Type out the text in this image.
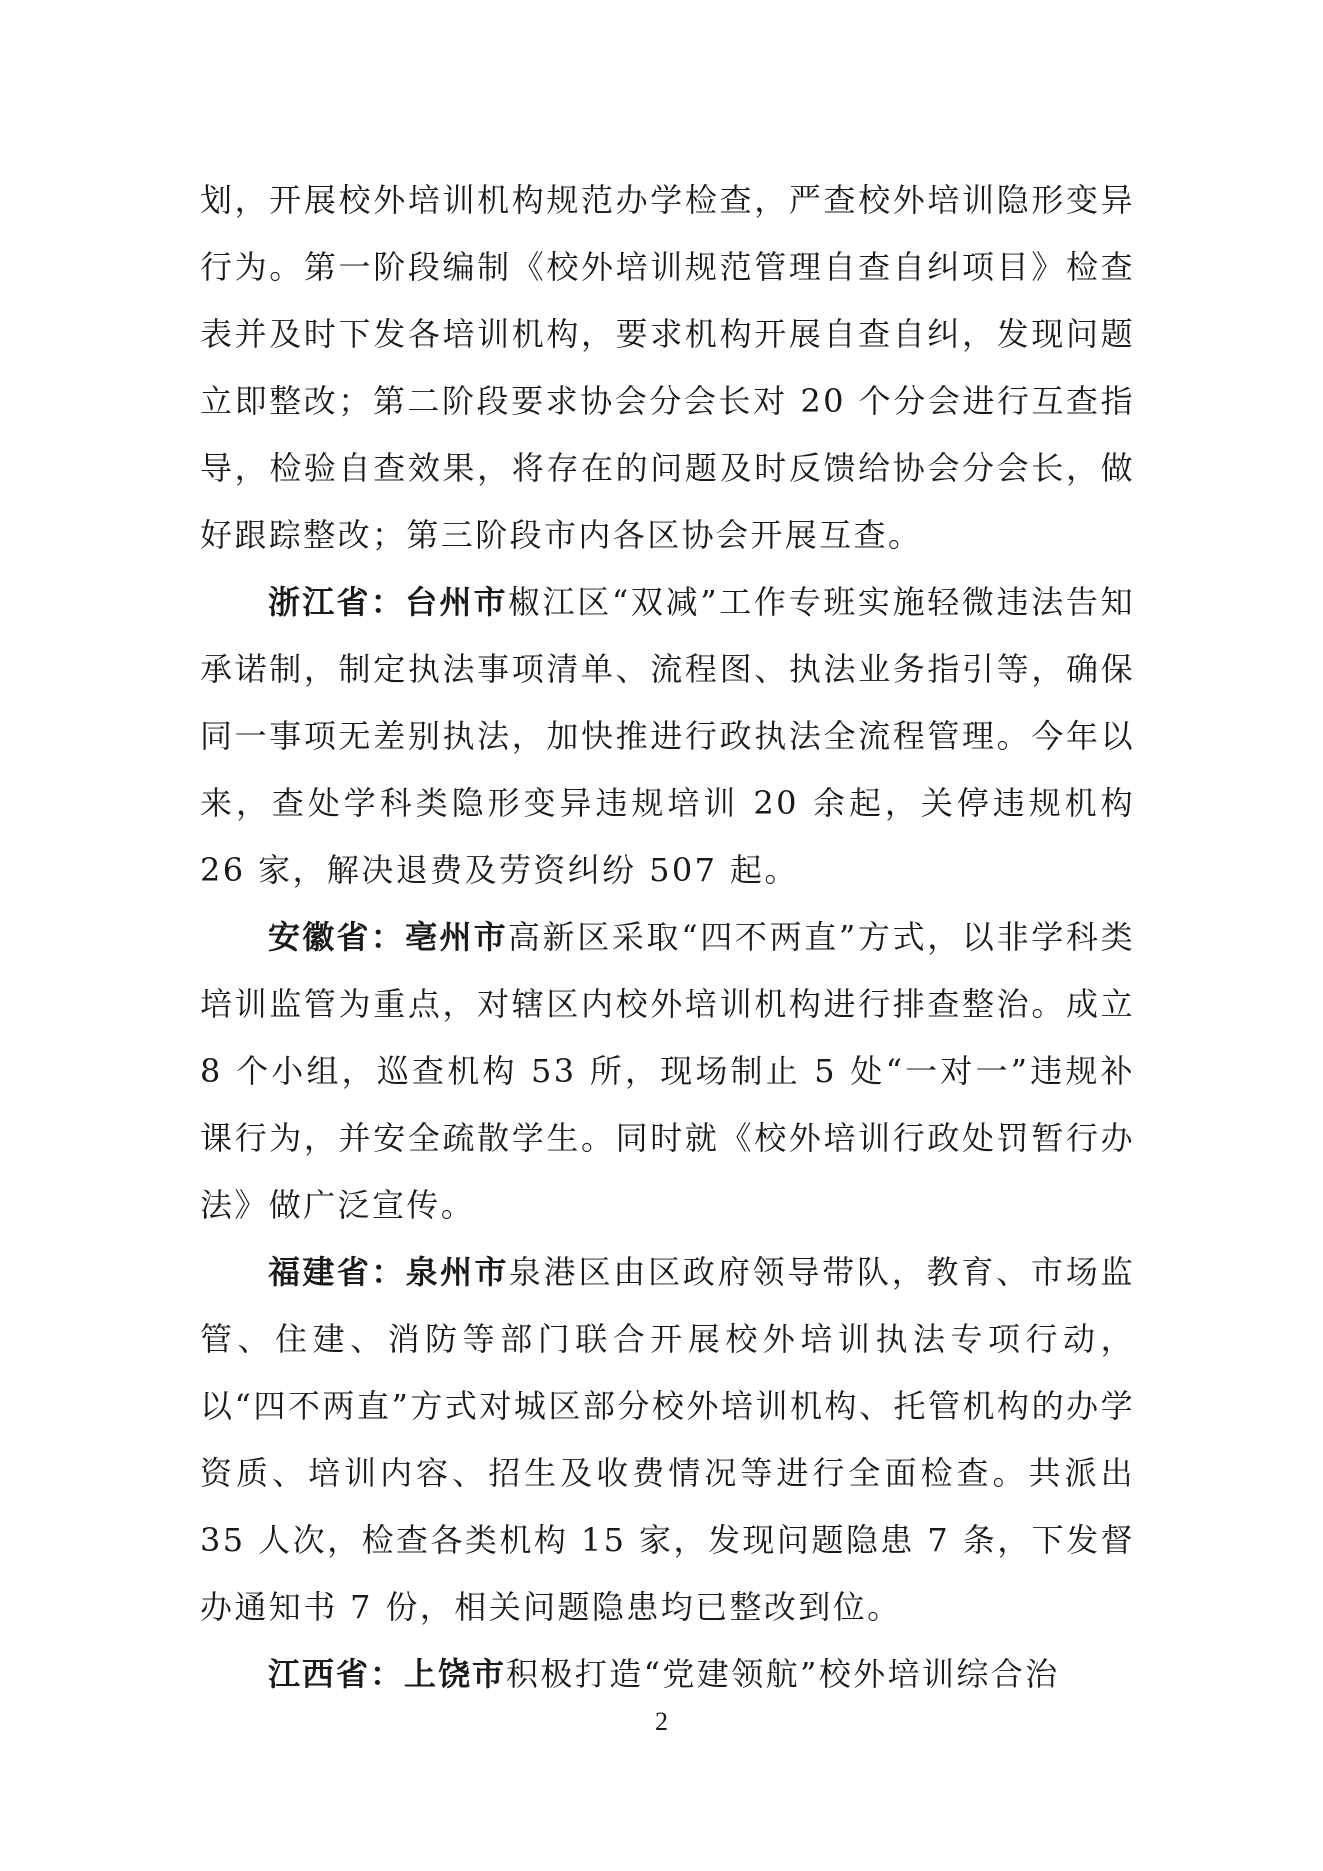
划，开展校外培训机构规范办学检查，严查校外培训隐形变异行为。第一阶段编制《校外培训规范管理自查自纠项目》检查表并及时下发各培训机构，要求机构开展自查自纠，发现问题立即整改；第二阶段要求协会分会长对 20 个分会进行互查指导，检验自查效果，将存在的问题及时反馈给协会分会长，做好跟踪整改；第三阶段市内各区协会开展互查。

浙江省：台州市椒江区“双减”工作专班实施轻微违法告知承诺制，制定执法事项清单、流程图、执法业务指引等，确保同一事项无差别执法，加快推进行政执法全流程管理。今年以来，查处学科类隐形变异违规培训 20 余起，关停违规机构 26 家，解决退费及劳资纠纷 507 起。

安徽省：亳州市高新区采取“四不两直”方式，以非学科类培训监管为重点，对辖区内校外培训机构进行排查整治。成立 8 个小组，巡查机构 53 所，现场制止 5 处“一对一”违规补课行为，并安全疏散学生。同时就《校外培训行政处罚暂行办法》做广泛宣传。

福建省：泉州市泉港区由区政府领导带队，教育、市场监管、住建、消防等部门联合开展校外培训执法专项行动，以“四不两直”方式对城区部分校外培训机构、托管机构的办学资质、培训内容、招生及收费情况等进行全面检查。共派出 35 人次，检查各类机构 15 家，发现问题隐患 7 条，下发督办通知书 7 份，相关问题隐患均已整改到位。

江西省：上饶市积极打造“党建领航”校外培训综合治

2
